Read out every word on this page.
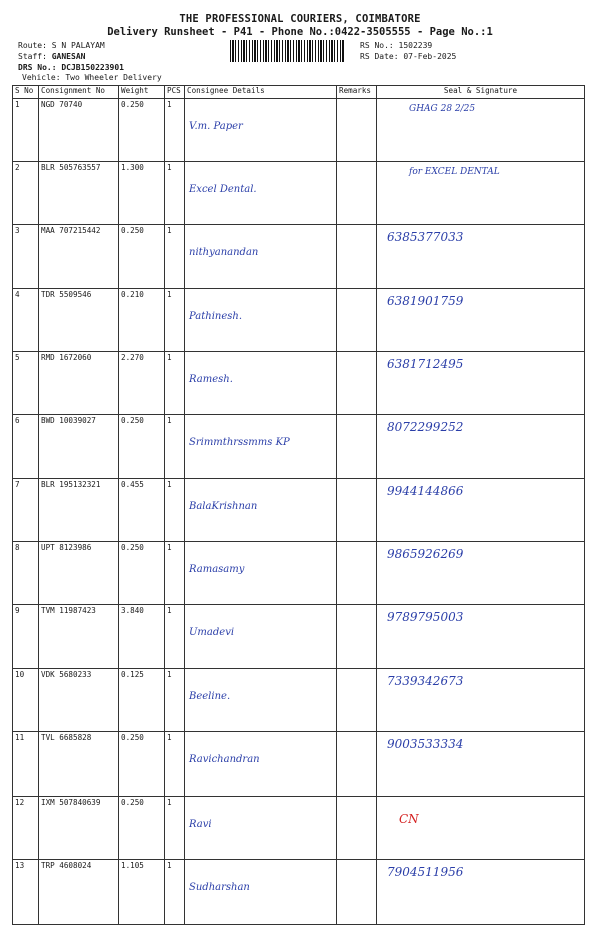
THE PROFESSIONAL COURIERS, COIMBATORE
Delivery Runsheet - P41 - Phone No.:0422-3505555 - Page No.:1
Route: S N PALAYAM
Staff: GANESAN
DRS No.: DCJB150223901
Vehicle: Two Wheeler Delivery
RS No.: 1502239
RS Date: 07-Feb-2025
S No	Consignment No	Weight	PCS	Consignee Details	Remarks	Seal & Signature
1	NGD 70740	0.250	1	V.m. Paper		GHAG 28 2/25

2	BLR 505763557	1.300	1	Excel Dental.		for EXCEL DENTAL

3	MAA 707215442	0.250	1	nithyanandan		6385377033

4	TDR 5509546	0.210	1	Pathinesh.		6381901759

5	RMD 1672060	2.270	1	Ramesh.		6381712495

6	BWD 10039027	0.250	1	Srimmthrssmms KP		8072299252

7	BLR 195132321	0.455	1	BalaKrishnan		9944144866

8	UPT 8123986	0.250	1	Ramasamy		9865926269

9	TVM 11987423	3.840	1	Umadevi		9789795003

10	VDK 5680233	0.125	1	Beeline.		7339342673

11	TVL 6685828	0.250	1	Ravichandran		9003533334

12	IXM 507840639	0.250	1	Ravi		CN

13	TRP 4608024	1.105	1	Sudharshan		7904511956
